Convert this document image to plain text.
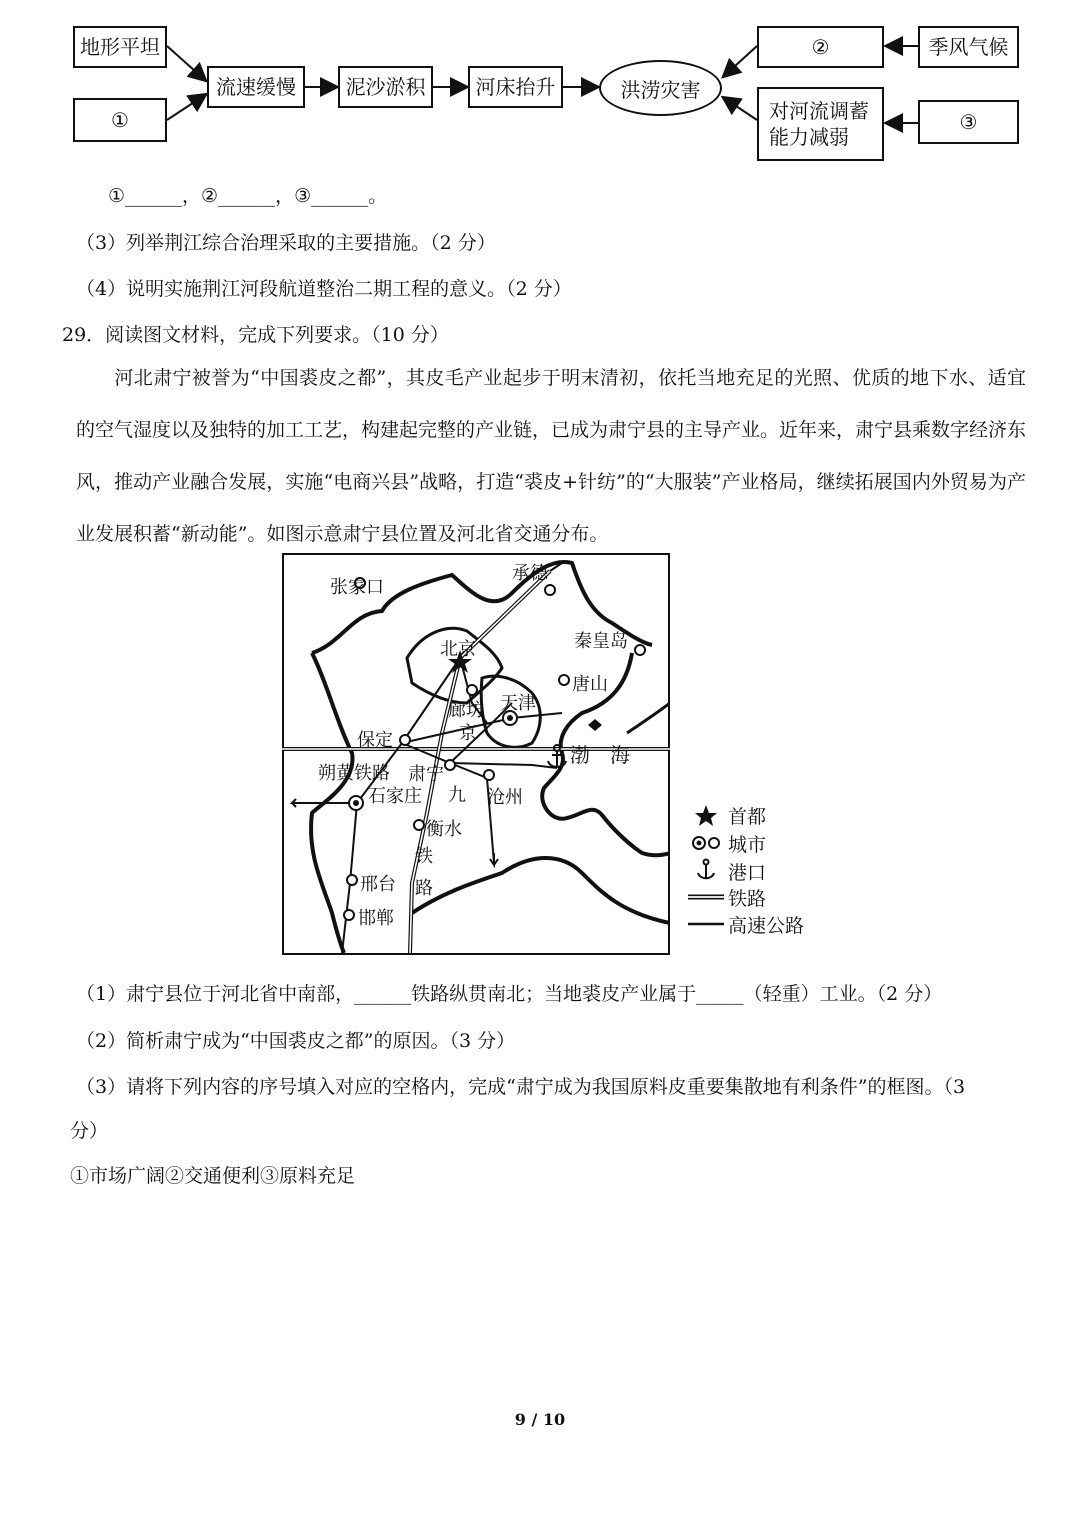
地形平坦
①
流速缓慢	泥沙淤积	河床抬升	洪涝灾害
②	季风气候
对河流调蓄
能力减弱
③
①______，②______，③______。
（3）列举荆江综合治理采取的主要措施。（2 分）
（4）说明实施荆江河段航道整治二期工程的意义。（2 分）
29．阅读图文材料，完成下列要求。（10 分）
河北肃宁被誉为“中国裘皮之都”，其皮毛产业起步于明末清初，依托当地充足的光照、优质的地下水、适宜的空气湿度以及独特的加工工艺，构建起完整的产业链，已成为肃宁县的主导产业。近年来，肃宁县乘数字经济东风，推动产业融合发展，实施“电商兴县”战略，打造“裘皮+针纺”的“大服装”产业格局，继续拓展国内外贸易为产业发展积蓄“新动能”。如图示意肃宁县位置及河北省交通分布。
张家口
承德
北京	秦皇岛
唐山
廊坊 天津
京
保定
渤　海
朔黄铁路 肃宁
九
石家庄	沧州
衡水
铁
路
邢台
邯郸
首都
城市
港口
铁路
高速公路
（1）肃宁县位于河北省中南部，______铁路纵贯南北；当地裘皮产业属于_____（轻重）工业。（2 分）
（2）简析肃宁成为“中国裘皮之都”的原因。（3 分）
（3）请将下列内容的序号填入对应的空格内，完成“肃宁成为我国原料皮重要集散地有利条件”的框图。（3
分）
①市场广阔②交通便利③原料充足
9 / 10
